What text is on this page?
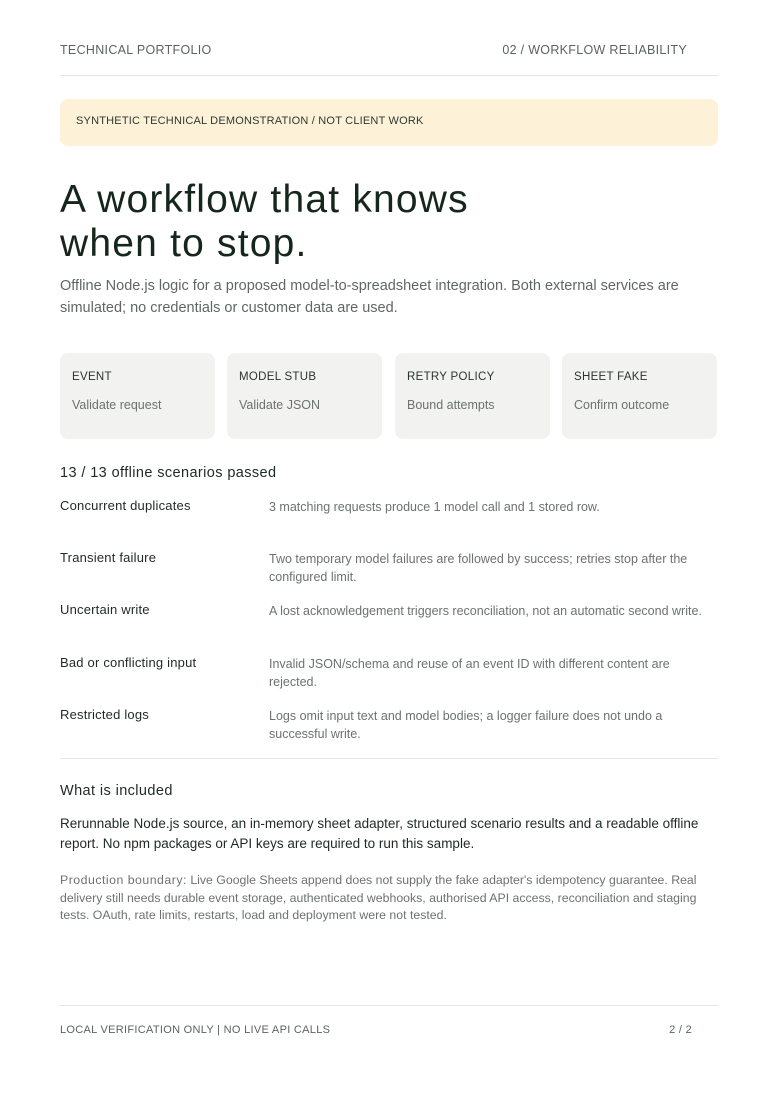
TECHNICAL PORTFOLIO	02 / WORKFLOW RELIABILITY
SYNTHETIC TECHNICAL DEMONSTRATION / NOT CLIENT WORK
A workflow that knows
when to stop.

Offline Node.js logic for a proposed model-to-spreadsheet integration. Both external services are simulated; no credentials or customer data are used.

EVENT
Validate request
MODEL STUB
Validate JSON
RETRY POLICY
Bound attempts
SHEET FAKE
Confirm outcome
13 / 13 offline scenarios passed
Concurrent duplicates	3 matching requests produce 1 model call and 1 stored row.
Transient failure	Two temporary model failures are followed by success; retries stop after the configured limit.
Uncertain write	A lost acknowledgement triggers reconciliation, not an automatic second write.
Bad or conflicting input	Invalid JSON/schema and reuse of an event ID with different content are rejected.
Restricted logs	Logs omit input text and model bodies; a logger failure does not undo a successful write.
What is included

Rerunnable Node.js source, an in-memory sheet adapter, structured scenario results and a readable offline report. No npm packages or API keys are required to run this sample.

Production boundary: Live Google Sheets append does not supply the fake adapter's idempotency guarantee. Real delivery still needs durable event storage, authenticated webhooks, authorised API access, reconciliation and staging tests. OAuth, rate limits, restarts, load and deployment were not tested.

LOCAL VERIFICATION ONLY | NO LIVE API CALLS	2 / 2
